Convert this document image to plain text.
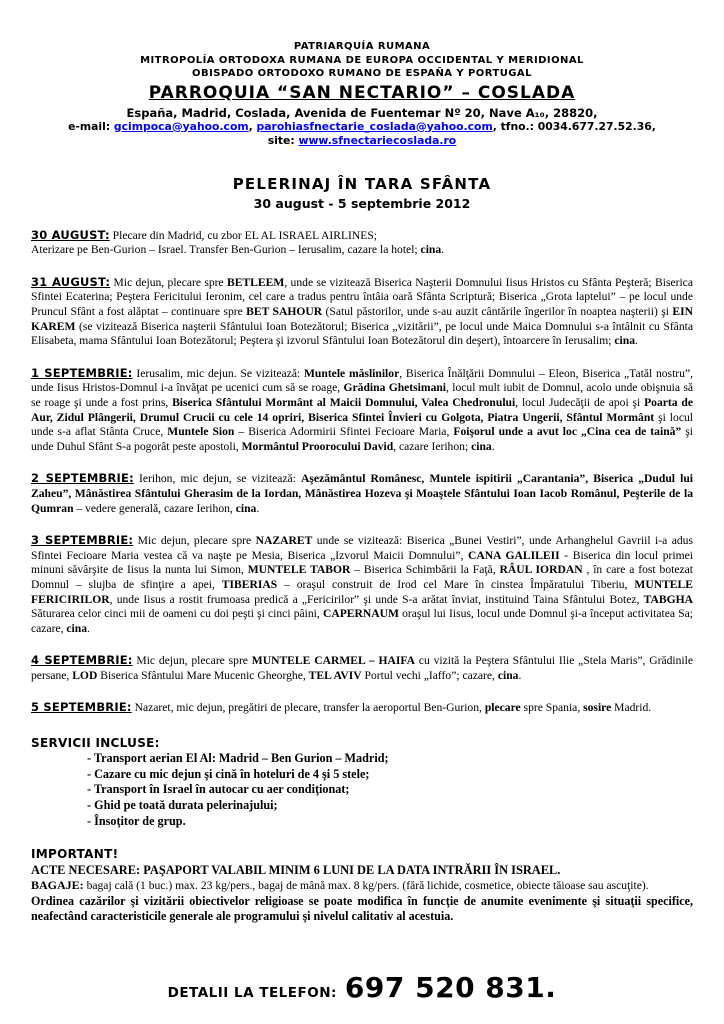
PATRIARQUÍA RUMANA
MITROPOLÍA ORTODOXA RUMANA DE EUROPA OCCIDENTAL Y MERIDIONAL
OBISPADO ORTODOXO RUMANO DE ESPAÑA Y PORTUGAL
PARROQUIA “SAN NECTARIO” – COSLADA
España, Madrid, Coslada, Avenida de Fuentemar Nº 20, Nave A₁₀, 28820,
e-mail: gcimpoca@yahoo.com, parohiasfnectarie_coslada@yahoo.com, tfno.: 0034.677.27.52.36,
site: www.sfnectariecoslada.ro
PELERINAJ ÎN TARA SFÂNTA
30 august - 5 septembrie 2012

30 AUGUST: Plecare din Madrid, cu zbor EL AL ISRAEL AIRLINES;
Aterizare pe Ben-Gurion – Israel. Transfer Ben-Gurion – Ierusalim, cazare la hotel; cina.

31 AUGUST: Mic dejun, plecare spre BETLEEM, unde se vizitează Biserica Naşterii Domnului Iisus Hristos cu Sfânta Peşteră; Biserica Sfintei Ecaterina; Peştera Fericitului Ieronim, cel care a tradus pentru întâia oară Sfânta Scriptură; Biserica „Grota laptelui” – pe locul unde Pruncul Sfânt a fost alăptat – continuare spre BET SAHOUR (Satul păstorilor, unde s-au auzit cântările îngerilor în noaptea naşterii) şi EIN KAREM (se vizitează Biserica naşterii Sfântului Ioan Botezătorul; Biserica „vizitării”, pe locul unde Maica Domnului s-a întâlnit cu Sfânta Elisabeta, mama Sfântului Ioan Botezătorul; Peştera şi izvorul Sfântului Ioan Botezătorul din deşert), întoarcere în Ierusalim; cina.

1 SEPTEMBRIE: Ierusalim, mic dejun. Se vizitează: Muntele măslinilor, Biserica Înălţării Domnului – Eleon, Biserica „Tatăl nostru”, unde Iisus Hristos-Domnul i-a învăţat pe ucenici cum să se roage, Grădina Ghetsimani, locul mult iubit de Domnul, acolo unde obişnuia să se roage şi unde a fost prins, Biserica Sfântului Mormânt al Maicii Domnului, Valea Chedronului, locul Judecăţii de apoi şi Poarta de Aur, Zidul Plângerii, Drumul Crucii cu cele 14 opriri, Biserica Sfintei Învieri cu Golgota, Piatra Ungerii, Sfântul Mormânt şi locul unde s-a aflat Stânta Cruce, Muntele Sion – Biserica Adormirii Sfintei Fecioare Maria, Foişorul unde a avut loc „Cina cea de taină” şi unde Duhul Sfânt S-a pogorât peste apostoli, Mormântul Proorocului David, cazare Ierihon; cina.

2 SEPTEMBRIE: Ierihon, mic dejun, se vizitează: Aşezământul Românesc, Muntele ispitirii „Carantania”, Biserica „Dudul lui Zaheu”, Mânăstirea Sfântului Gherasim de la Iordan, Mânăstirea Hozeva şi Moaştele Sfântului Ioan Iacob Românul, Peşterile de la Qumran – vedere generală, cazare Ierihon, cina.

3 SEPTEMBRIE: Mic dejun, plecare spre NAZARET unde se vizitează: Biserica „Bunei Vestiri”, unde Arhanghelul Gavriil i-a adus Sfintei Fecioare Maria vestea că va naşte pe Mesia, Biserica „Izvorul Maicii Domnului”, CANA GALILEII - Biserica din locul primei minuni săvârşite de Iisus la nunta lui Simon, MUNTELE TABOR – Biserica Schimbării la Faţă, RÂUL IORDAN , în care a fost botezat Domnul – slujba de sfinţire a apei, TIBERIAS – oraşul construit de Irod cel Mare în cinstea Împăratului Tiberiu, MUNTELE FERICIRILOR, unde Iisus a rostit frumoasa predică a „Fericirilor” şi unde S-a arătat înviat, instituind Taina Sfântului Botez, TABGHA Săturarea celor cinci mii de oameni cu doi peşti şi cinci pâini, CAPERNAUM oraşul lui Iisus, locul unde Domnul şi-a început activitatea Sa; cazare, cina.

4 SEPTEMBRIE: Mic dejun, plecare spre MUNTELE CARMEL – HAIFA cu vizită la Peştera Sfântului Ilie „Stela Maris”, Grădinile persane, LOD Biserica Sfântului Mare Mucenic Gheorghe, TEL AVIV Portul vechi „Iaffo”; cazare, cina.

5 SEPTEMBRIE: Nazaret, mic dejun, pregătiri de plecare, transfer la aeroportul Ben-Gurion, plecare spre Spania, sosire Madrid.

SERVICII INCLUSE:
- Transport aerian El Al: Madrid – Ben Gurion – Madrid;
- Cazare cu mic dejun şi cină în hoteluri de 4 şi 5 stele;
- Transport în Israel în autocar cu aer condiţionat;
- Ghid pe toată durata pelerinajului;
- Însoţitor de grup.
IMPORTANT!
ACTE NECESARE: PAŞAPORT VALABIL MINIM 6 LUNI DE LA DATA INTRĂRII ÎN ISRAEL.
BAGAJE: bagaj cală (1 buc.) max. 23 kg/pers., bagaj de mână max. 8 kg/pers. (fără lichide, cosmetice, obiecte tăioase sau ascuţite).
Ordinea cazărilor şi vizitării obiectivelor religioase se poate modifica în funcţie de anumite evenimente şi situaţii specifice, neafectând caracteristicile generale ale programului şi nivelul calitativ al acestuia.
DETALII LA TELEFON: 697 520 831.
